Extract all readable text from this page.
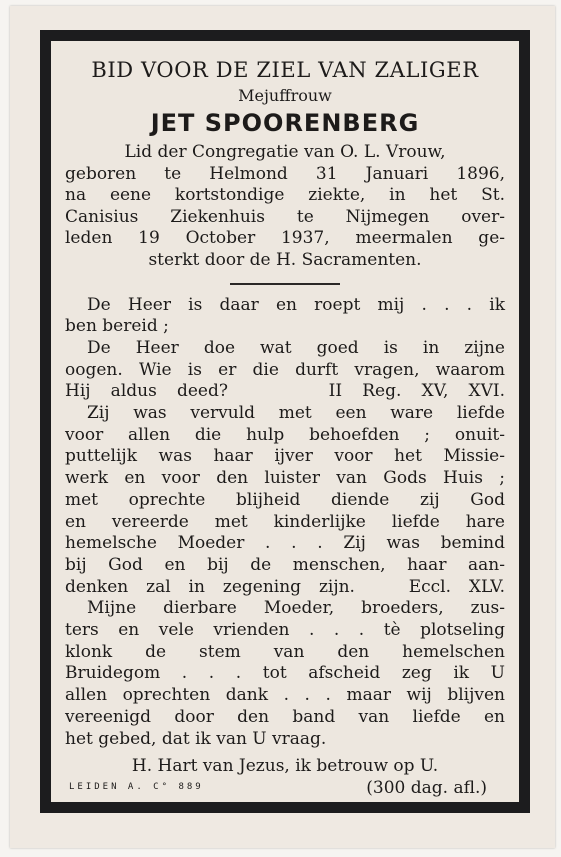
BID VOOR DE ZIEL VAN ZALIGER

Mejuffrouw

JET SPOORENBERG

Lid der Congregatie van O. L. Vrouw,
geboren te Helmond 31 Januari 1896,
na eene kortstondige ziekte, in het St.
Canisius Ziekenhuis te Nijmegen over-
leden 19 October 1937, meermalen ge-
sterkt door de H. Sacramenten.
De Heer is daar en roept mij . . . ik
ben bereid ;
De Heer doe wat goed is in zijne
oogen. Wie is er die durft vragen, waarom
Hij aldus deed?     II Reg. XV, XVI.
Zij was vervuld met een ware liefde
voor allen die hulp behoefden ; onuit-
puttelijk was haar ijver voor het Missie-
werk en voor den luister van Gods Huis ;
met oprechte blijheid diende zij God
en vereerde met kinderlijke liefde hare
hemelsche Moeder . . . Zij was bemind
bij God en bij de menschen, haar aan-
denken zal in zegening zijn.   Eccl. XLV.
Mijne dierbare Moeder, broeders, zus-
ters en vele vrienden . . . tè plotseling
klonk de stem van den hemelschen
Bruidegom . . . tot afscheid zeg ik U
allen oprechten dank . . . maar wij blijven
vereenigd door den band van liefde en
het gebed, dat ik van U vraag.
H. Hart van Jezus, ik betrouw op U.
LEIDEN A. C° 889	(300 dag. afl.)
